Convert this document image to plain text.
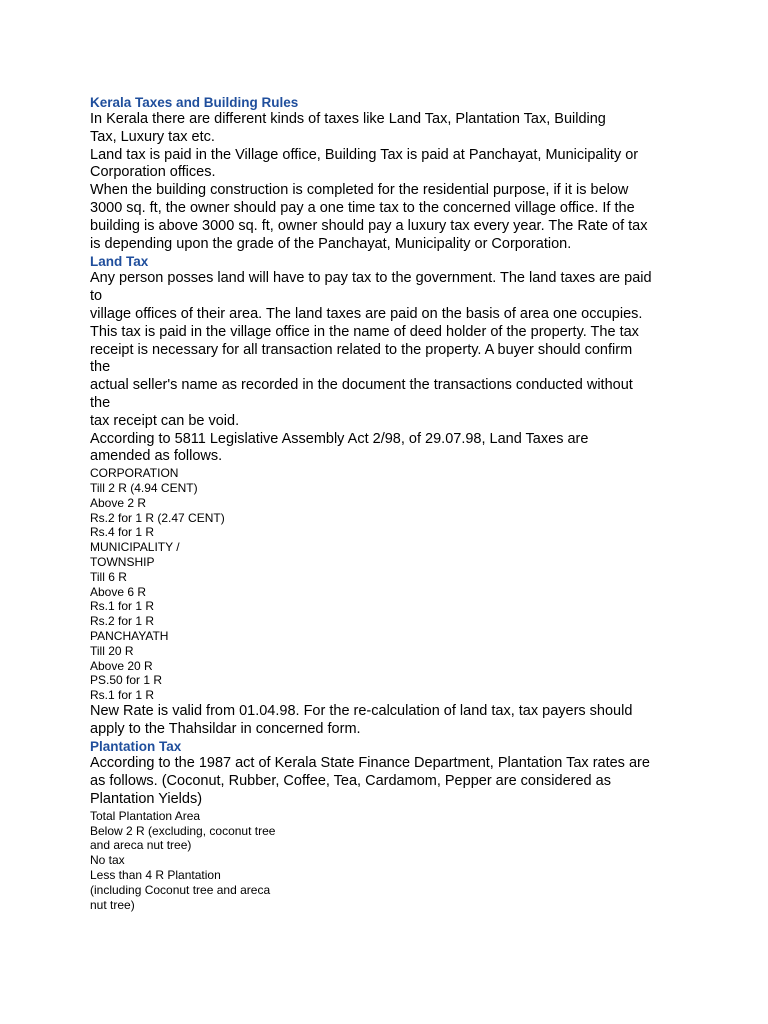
Kerala Taxes and Building Rules

In Kerala there are different kinds of taxes like Land Tax, Plantation Tax, Building

Tax, Luxury tax etc.

Land tax is paid in the Village office, Building Tax is paid at Panchayat, Municipality or

Corporation offices.

When the building construction is completed for the residential purpose, if it is below

3000 sq. ft, the owner should pay a one time tax to the concerned village office. If the

building is above 3000 sq. ft, owner should pay a luxury tax every year. The Rate of tax

is depending upon the grade of the Panchayat, Municipality or Corporation.

Land Tax

Any person posses land will have to pay tax to the government. The land taxes are paid

to

village offices of their area. The land taxes are paid on the basis of area one occupies.

This tax is paid in the village office in the name of deed holder of the property. The tax

receipt is necessary for all transaction related to the property. A buyer should confirm

the

actual seller's name as recorded in the document the transactions conducted without

the

tax receipt can be void.

According to 5811 Legislative Assembly Act 2/98, of 29.07.98, Land Taxes are

amended as follows.

CORPORATION

Till 2 R (4.94 CENT)

Above 2 R

Rs.2 for 1 R (2.47 CENT)

Rs.4 for 1 R

MUNICIPALITY /

TOWNSHIP

Till 6 R

Above 6 R

Rs.1 for 1 R

Rs.2 for 1 R

PANCHAYATH

Till 20 R

Above 20 R

PS.50 for 1 R

Rs.1 for 1 R

New Rate is valid from 01.04.98. For the re-calculation of land tax, tax payers should

apply to the Thahsildar in concerned form.

Plantation Tax

According to the 1987 act of Kerala State Finance Department, Plantation Tax rates are

as follows. (Coconut, Rubber, Coffee, Tea, Cardamom, Pepper are considered as

Plantation Yields)

Total Plantation Area

Below 2 R (excluding, coconut tree

and areca nut tree)

No tax

Less than 4 R Plantation

(including Coconut tree and areca

nut tree)
